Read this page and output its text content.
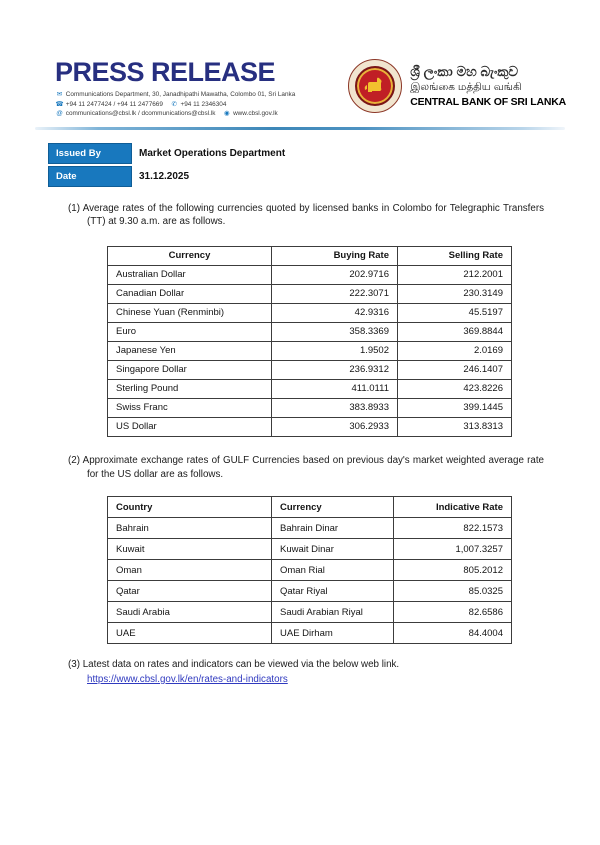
PRESS RELEASE
✉ Communications Department, 30, Janadhipathi Mawatha, Colombo 01, Sri Lanka
☎ +94 11 2477424 / +94 11 2477669 ✆ +94 11 2346304
@ communications@cbsl.lk / dcommunications@cbsl.lk ◉ www.cbsl.gov.lk
ශ්‍රී ලංකා මහ බැංකුව
இலங்கை மத்திய வங்கி
CENTRAL BANK OF SRI LANKA
Issued By	Market Operations Department
Date	31.12.2025
(1) Average rates of the following currencies quoted by licensed banks in Colombo for Telegraphic Transfers (TT) at 9.30 a.m. are as follows.
Currency	Buying Rate	Selling Rate
Australian Dollar	202.9716	212.2001
Canadian Dollar	222.3071	230.3149
Chinese Yuan (Renminbi)	42.9316	45.5197
Euro	358.3369	369.8844
Japanese Yen	1.9502	2.0169
Singapore Dollar	236.9312	246.1407
Sterling Pound	411.0111	423.8226
Swiss Franc	383.8933	399.1445
US Dollar	306.2933	313.8313
(2) Approximate exchange rates of GULF Currencies based on previous day's market weighted average rate for the US dollar are as follows.
Country	Currency	Indicative Rate
Bahrain	Bahrain Dinar	822.1573
Kuwait	Kuwait Dinar	1,007.3257
Oman	Oman Rial	805.2012
Qatar	Qatar Riyal	85.0325
Saudi Arabia	Saudi Arabian Riyal	82.6586
UAE	UAE Dirham	84.4004
(3) Latest data on rates and indicators can be viewed via the below web link.
https://www.cbsl.gov.lk/en/rates-and-indicators
